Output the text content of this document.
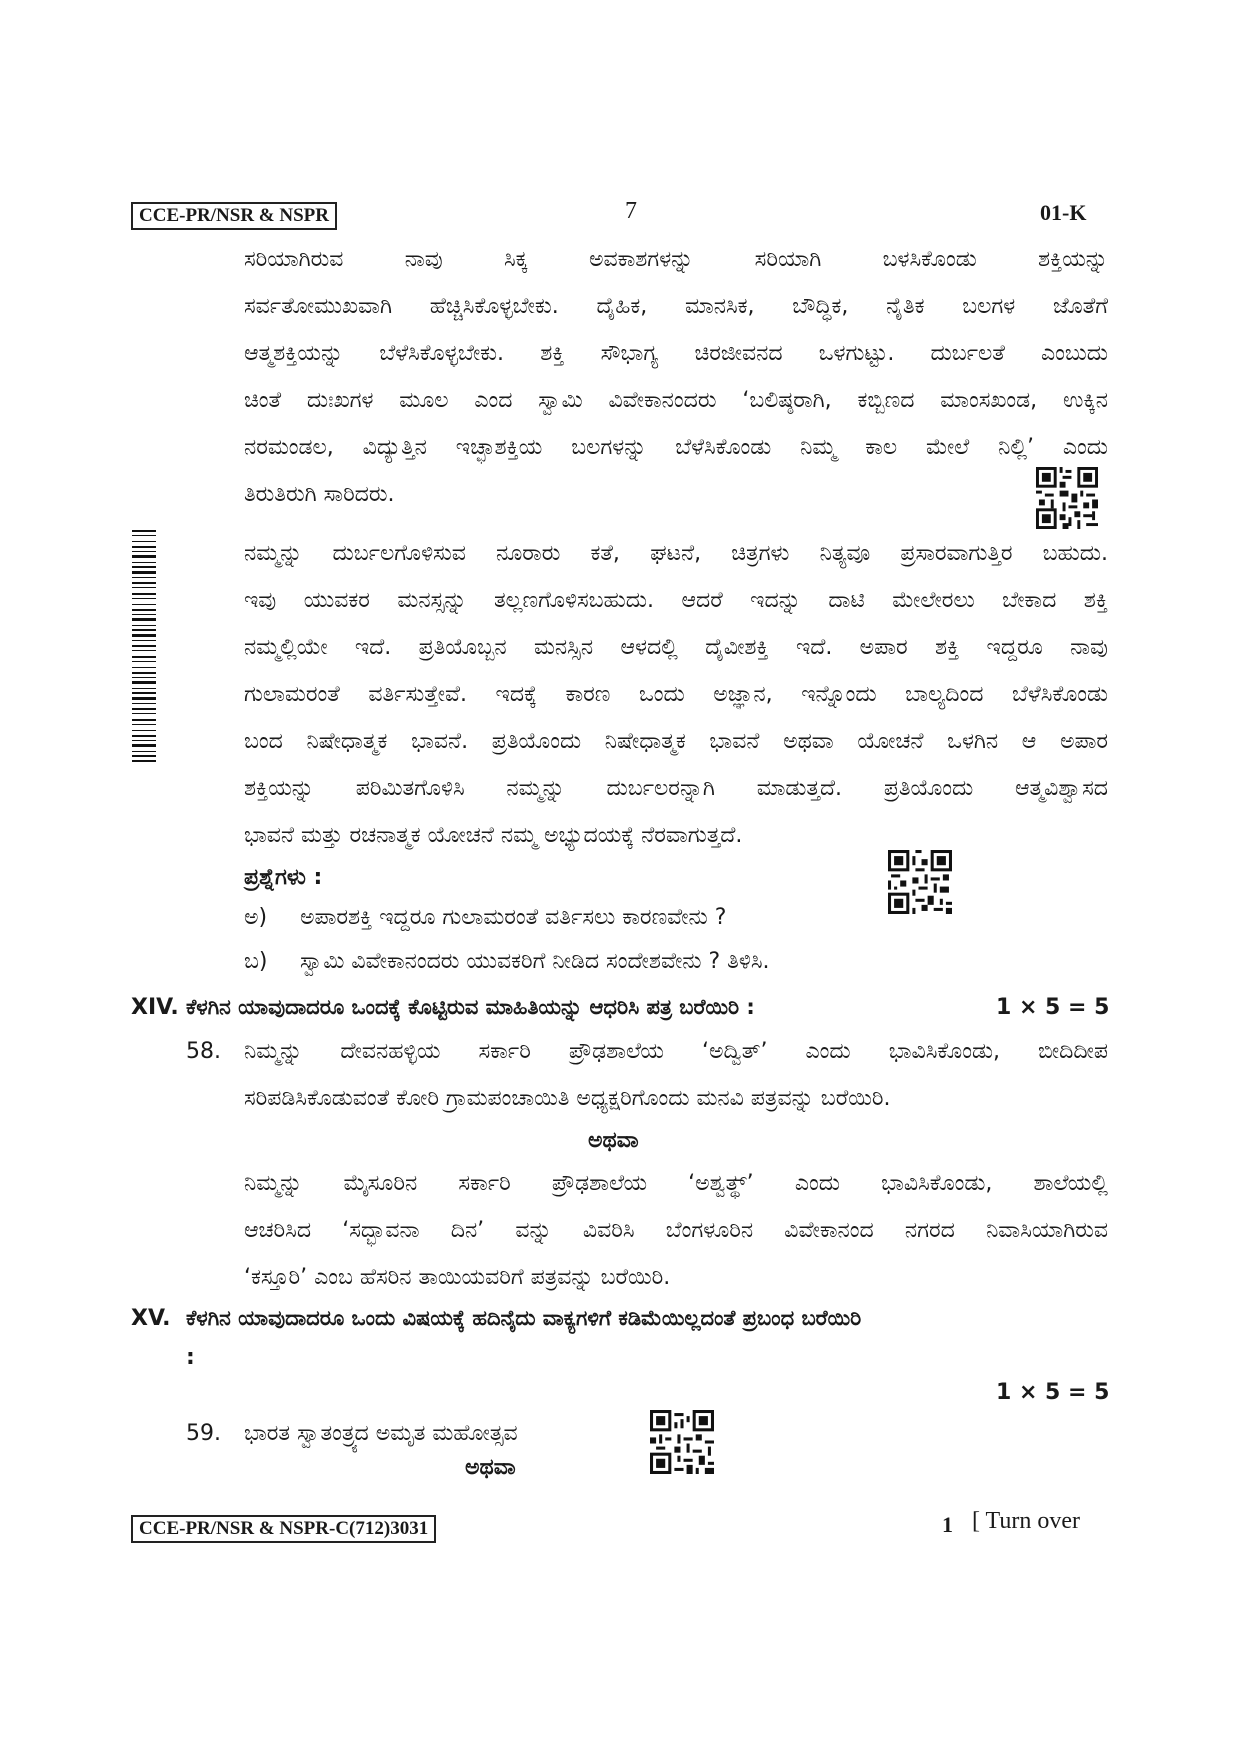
CCE-PR/NSR & NSPR	7	01-K

ಸರಿಯಾಗಿರುವ ನಾವು ಸಿಕ್ಕ ಅವಕಾಶಗಳನ್ನು ಸರಿಯಾಗಿ ಬಳಸಿಕೊಂಡು ಶಕ್ತಿಯನ್ನು

ಸರ್ವತೋಮುಖವಾಗಿ ಹೆಚ್ಚಿಸಿಕೊಳ್ಳಬೇಕು. ದೈಹಿಕ, ಮಾನಸಿಕ, ಬೌದ್ಧಿಕ, ನೈತಿಕ ಬಲಗಳ ಜೊತೆಗೆ

ಆತ್ಮಶಕ್ತಿಯನ್ನು ಬೆಳೆಸಿಕೊಳ್ಳಬೇಕು. ಶಕ್ತಿ ಸೌಭಾಗ್ಯ ಚಿರಜೀವನದ ಒಳಗುಟ್ಟು. ದುರ್ಬಲತೆ ಎಂಬುದು

ಚಿಂತೆ ದುಃಖಗಳ ಮೂಲ ಎಂದ ಸ್ವಾಮಿ ವಿವೇಕಾನಂದರು ‘ಬಲಿಷ್ಠರಾಗಿ, ಕಬ್ಬಿಣದ ಮಾಂಸಖಂಡ, ಉಕ್ಕಿನ

ನರಮಂಡಲ, ವಿದ್ಯುತ್ತಿನ ಇಚ್ಛಾಶಕ್ತಿಯ ಬಲಗಳನ್ನು ಬೆಳೆಸಿಕೊಂಡು ನಿಮ್ಮ ಕಾಲ ಮೇಲೆ ನಿಲ್ಲಿ’ ಎಂದು

ತಿರುತಿರುಗಿ ಸಾರಿದರು.

ನಮ್ಮನ್ನು ದುರ್ಬಲಗೊಳಿಸುವ ನೂರಾರು ಕತೆ, ಘಟನೆ, ಚಿತ್ರಗಳು ನಿತ್ಯವೂ ಪ್ರಸಾರವಾಗುತ್ತಿರ ಬಹುದು.

ಇವು ಯುವಕರ ಮನಸ್ಸನ್ನು ತಲ್ಲಣಗೊಳಿಸಬಹುದು. ಆದರೆ ಇದನ್ನು ದಾಟಿ ಮೇಲೇರಲು ಬೇಕಾದ ಶಕ್ತಿ

ನಮ್ಮಲ್ಲಿಯೇ ಇದೆ. ಪ್ರತಿಯೊಬ್ಬನ ಮನಸ್ಸಿನ ಆಳದಲ್ಲಿ ದೈವೀಶಕ್ತಿ ಇದೆ. ಅಪಾರ ಶಕ್ತಿ ಇದ್ದರೂ ನಾವು

ಗುಲಾಮರಂತೆ ವರ್ತಿಸುತ್ತೇವೆ. ಇದಕ್ಕೆ ಕಾರಣ ಒಂದು ಅಜ್ಞಾನ, ಇನ್ನೊಂದು ಬಾಲ್ಯದಿಂದ ಬೆಳೆಸಿಕೊಂಡು

ಬಂದ ನಿಷೇಧಾತ್ಮಕ ಭಾವನೆ. ಪ್ರತಿಯೊಂದು ನಿಷೇಧಾತ್ಮಕ ಭಾವನೆ ಅಥವಾ ಯೋಚನೆ ಒಳಗಿನ ಆ ಅಪಾರ

ಶಕ್ತಿಯನ್ನು ಪರಿಮಿತಗೊಳಿಸಿ ನಮ್ಮನ್ನು ದುರ್ಬಲರನ್ನಾಗಿ ಮಾಡುತ್ತದೆ. ಪ್ರತಿಯೊಂದು ಆತ್ಮವಿಶ್ವಾಸದ

ಭಾವನೆ ಮತ್ತು ರಚನಾತ್ಮಕ ಯೋಚನೆ ನಮ್ಮ ಅಭ್ಯುದಯಕ್ಕೆ ನೆರವಾಗುತ್ತದೆ.

ಪ್ರಶ್ನೆಗಳು :
ಅ) ಅಪಾರಶಕ್ತಿ ಇದ್ದರೂ ಗುಲಾಮರಂತೆ ವರ್ತಿಸಲು ಕಾರಣವೇನು ?
ಬ) ಸ್ವಾಮಿ ವಿವೇಕಾನಂದರು ಯುವಕರಿಗೆ ನೀಡಿದ ಸಂದೇಶವೇನು ? ತಿಳಿಸಿ.
XIV. ಕೆಳಗಿನ ಯಾವುದಾದರೂ ಒಂದಕ್ಕೆ ಕೊಟ್ಟಿರುವ ಮಾಹಿತಿಯನ್ನು ಆಧರಿಸಿ ಪತ್ರ ಬರೆಯಿರಿ :	1 × 5 = 5
58. ನಿಮ್ಮನ್ನು ದೇವನಹಳ್ಳಿಯ ಸರ್ಕಾರಿ ಪ್ರೌಢಶಾಲೆಯ ‘ಅದ್ವಿತ್’ ಎಂದು ಭಾವಿಸಿಕೊಂಡು, ಬೀದಿದೀಪ

ಸರಿಪಡಿಸಿಕೊಡುವಂತೆ ಕೋರಿ ಗ್ರಾಮಪಂಚಾಯಿತಿ ಅಧ್ಯಕ್ಷರಿಗೊಂದು ಮನವಿ ಪತ್ರವನ್ನು ಬರೆಯಿರಿ.

ಅಥವಾ

ನಿಮ್ಮನ್ನು ಮೈಸೂರಿನ ಸರ್ಕಾರಿ ಪ್ರೌಢಶಾಲೆಯ ‘ಅಶ್ವತ್ಥ್’ ಎಂದು ಭಾವಿಸಿಕೊಂಡು, ಶಾಲೆಯಲ್ಲಿ

ಆಚರಿಸಿದ ‘ಸದ್ಭಾವನಾ ದಿನ’ ವನ್ನು ವಿವರಿಸಿ ಬೆಂಗಳೂರಿನ ವಿವೇಕಾನಂದ ನಗರದ ನಿವಾಸಿಯಾಗಿರುವ

‘ಕಸ್ತೂರಿ’ ಎಂಬ ಹೆಸರಿನ ತಾಯಿಯವರಿಗೆ ಪತ್ರವನ್ನು ಬರೆಯಿರಿ.

XV. ಕೆಳಗಿನ ಯಾವುದಾದರೂ ಒಂದು ವಿಷಯಕ್ಕೆ ಹದಿನೈದು ವಾಕ್ಯಗಳಿಗೆ ಕಡಿಮೆಯಿಲ್ಲದಂತೆ ಪ್ರಬಂಧ ಬರೆಯಿರಿ
:
1 × 5 = 5
59. ಭಾರತ ಸ್ವಾತಂತ್ರ್ಯದ ಅಮೃತ ಮಹೋತ್ಸವ
ಅಥವಾ
CCE-PR/NSR & NSPR-C(712)3031	1 [ Turn over
